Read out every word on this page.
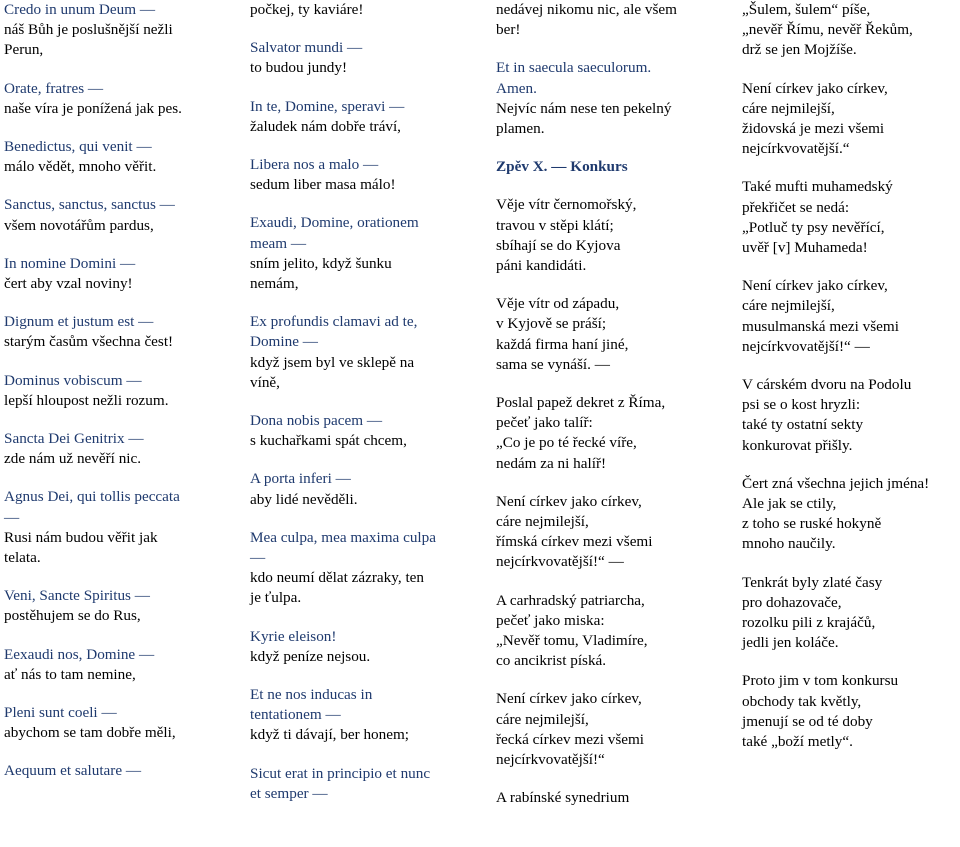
Credo in unum Deum —
náš Bůh je poslušnější nežli
Perun,
Orate, fratres —
naše víra je ponížená jak pes.
Benedictus, qui venit —
málo vědět, mnoho věřit.
Sanctus, sanctus, sanctus —
všem novotářům pardus,
In nomine Domini —
čert aby vzal noviny!
Dignum et justum est —
starým časům všechna čest!
Dominus vobiscum —
lepší hloupost nežli rozum.
Sancta Dei Genitrix —
zde nám už nevěří nic.
Agnus Dei, qui tollis peccata
—
Rusi nám budou věřit jak
telata.
Veni, Sancte Spiritus —
postěhujem se do Rus,
Eexaudi nos, Domine —
ať nás to tam nemine,
Pleni sunt coeli —
abychom se tam dobře měli,
Aequum et salutare —
počkej, ty kaviáre!
Salvator mundi —
to budou jundy!
In te, Domine, speravi —
žaludek nám dobře tráví,
Libera nos a malo —
sedum liber masa málo!
Exaudi, Domine, orationem
meam —
sním jelito, když šunku
nemám,
Ex profundis clamavi ad te,
Domine —
když jsem byl ve sklepě na
víně,
Dona nobis pacem —
s kuchařkami spát chcem,
A porta inferi —
aby lidé nevěděli.
Mea culpa, mea maxima culpa
—
kdo neumí dělat zázraky, ten
je ťulpa.
Kyrie eleison!
když peníze nejsou.
Et ne nos inducas in
tentationem —
když ti dávají, ber honem;
Sicut erat in principio et nunc
et semper —
nedávej nikomu nic, ale všem
ber!
Et in saecula saeculorum.
Amen.
Nejvíc nám nese ten pekelný
plamen.
Zpěv X. — Konkurs
Věje vítr černomořský,
travou v stěpi klátí;
sbíhají se do Kyjova
páni kandidáti.
Věje vítr od západu,
v Kyjově se práší;
každá firma haní jiné,
sama se vynáší. —
Poslal papež dekret z Říma,
pečeť jako talíř:
„Co je po té řecké víře,
nedám za ni halíř!
Není církev jako církev,
cáre nejmilejší,
římská církev mezi všemi
nejcírkvovatější!“ —
A carhradský patriarcha,
pečeť jako miska:
„Nevěř tomu, Vladimíre,
co ancikrist píská.
Není církev jako církev,
cáre nejmilejší,
řecká církev mezi všemi
nejcírkvovatější!“
A rabínské synedrium
„Šulem, šulem“ píše,
„nevěř Římu, nevěř Řekům,
drž se jen Mojžíše.
Není církev jako církev,
cáre nejmilejší,
židovská je mezi všemi
nejcírkvovatější.“
Také mufti muhamedský
překřičet se nedá:
„Potluč ty psy nevěřící,
uvěř [v] Muhameda!
Není církev jako církev,
cáre nejmilejší,
musulmanská mezi všemi
nejcírkvovatější!“ —
V cárském dvoru na Podolu
psi se o kost hryzli:
také ty ostatní sekty
konkurovat přišly.
Čert zná všechna jejich jména!
Ale jak se ctily,
z toho se ruské hokyně
mnoho naučily.
Tenkrát byly zlaté časy
pro dohazovače,
rozolku pili z krajáčů,
jedli jen koláče.
Proto jim v tom konkursu
obchody tak květly,
jmenují se od té doby
také „boží metly“.
